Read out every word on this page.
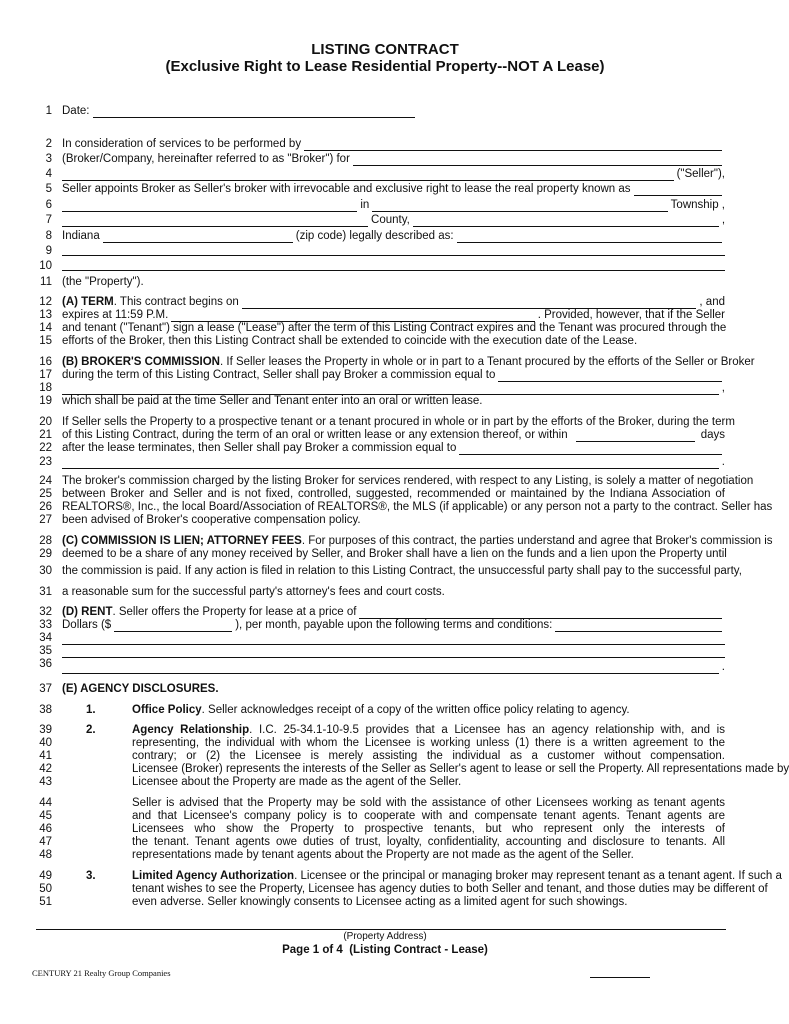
LISTING CONTRACT
(Exclusive Right to Lease Residential Property--NOT A Lease)
1
2
3
4
5
6
7
8
9
10
11
12
13
14
15
16
17
18
19
20
21
22
23
24
25
26
27
28
29
30
31
32
33
34
35
36
37
38
39
40
41
42
43
44
45
46
47
48
49
50
51
Date:
In consideration of services to be performed by
(Broker/Company, hereinafter referred to as "Broker") for
("Seller"),
Seller appoints Broker as Seller's broker with irrevocable and exclusive right to lease the real property known as
in	Township ,
County,	,
Indiana	(zip code) legally described as:
(the "Property").
(A) TERM . This contract begins on	, and
expires at 11:59 P.M.	. Provided, however, that if the Seller
and tenant ("Tenant") sign a lease ("Lease") after the term of this Listing Contract expires and the Tenant was procured through the
efforts of the Broker, then this Listing Contract shall be extended to coincide with the execution date of the Lease.
(B) BROKER'S COMMISSION. If Seller leases the Property in whole or in part to a Tenant procured by the efforts of the Seller or Broker
during the term of this Listing Contract, Seller shall pay Broker a commission equal to
,
which shall be paid at the time Seller and Tenant enter into an oral or written lease.
If Seller sells the Property to a prospective tenant or a tenant procured in whole or in part by the efforts of the Broker, during the term
of this Listing Contract, during the term of an oral or written lease or any extension thereof, or within	days
after the lease terminates, then Seller shall pay Broker a commission equal to
.
The broker's commission charged by the listing Broker for services rendered, with respect to any Listing, is solely a matter of negotiation
between Broker and Seller and is not fixed, controlled, suggested, recommended or maintained by the Indiana Association of
REALTORS®, Inc., the local Board/Association of REALTORS®, the MLS (if applicable) or any person not a party to the contract. Seller has
been advised of Broker's cooperative compensation policy.
(C) COMMISSION IS LIEN; ATTORNEY FEES. For purposes of this contract, the parties understand and agree that Broker's commission is
deemed to be a share of any money received by Seller, and Broker shall have a lien on the funds and a lien upon the Property until
the commission is paid. If any action is filed in relation to this Listing Contract, the unsuccessful party shall pay to the successful party,
a reasonable sum for the successful party's attorney's fees and court costs.
(D) RENT . Seller offers the Property for lease at a price of
Dollars ($	), per month, payable upon the following terms and conditions:
.
(E) AGENCY DISCLOSURES.
1.	Office Policy. Seller acknowledges receipt of a copy of the written office policy relating to agency.
2.	Agency Relationship. I.C. 25-34.1-10-9.5 provides that a Licensee has an agency relationship with, and is
representing, the individual with whom the Licensee is working unless (1) there is a written agreement to the
contrary; or (2) the Licensee is merely assisting the individual as a customer without compensation.
Licensee (Broker) represents the interests of the Seller as Seller's agent to lease or sell the Property. All representations made by
Licensee about the Property are made as the agent of the Seller.
Seller is advised that the Property may be sold with the assistance of other Licensees working as tenant agents
and that Licensee's company policy is to cooperate with and compensate tenant agents. Tenant agents are
Licensees who show the Property to prospective tenants, but who represent only the interests of
the tenant. Tenant agents owe duties of trust, loyalty, confidentiality, accounting and disclosure to tenants. All
representations made by tenant agents about the Property are not made as the agent of the Seller.
3.	Limited Agency Authorization. Licensee or the principal or managing broker may represent tenant as a tenant agent. If such a
tenant wishes to see the Property, Licensee has agency duties to both Seller and tenant, and those duties may be different of
even adverse. Seller knowingly consents to Licensee acting as a limited agent for such showings.
(Property Address)
Page 1 of 4 (Listing Contract - Lease)
CENTURY 21 Realty Group Companies
